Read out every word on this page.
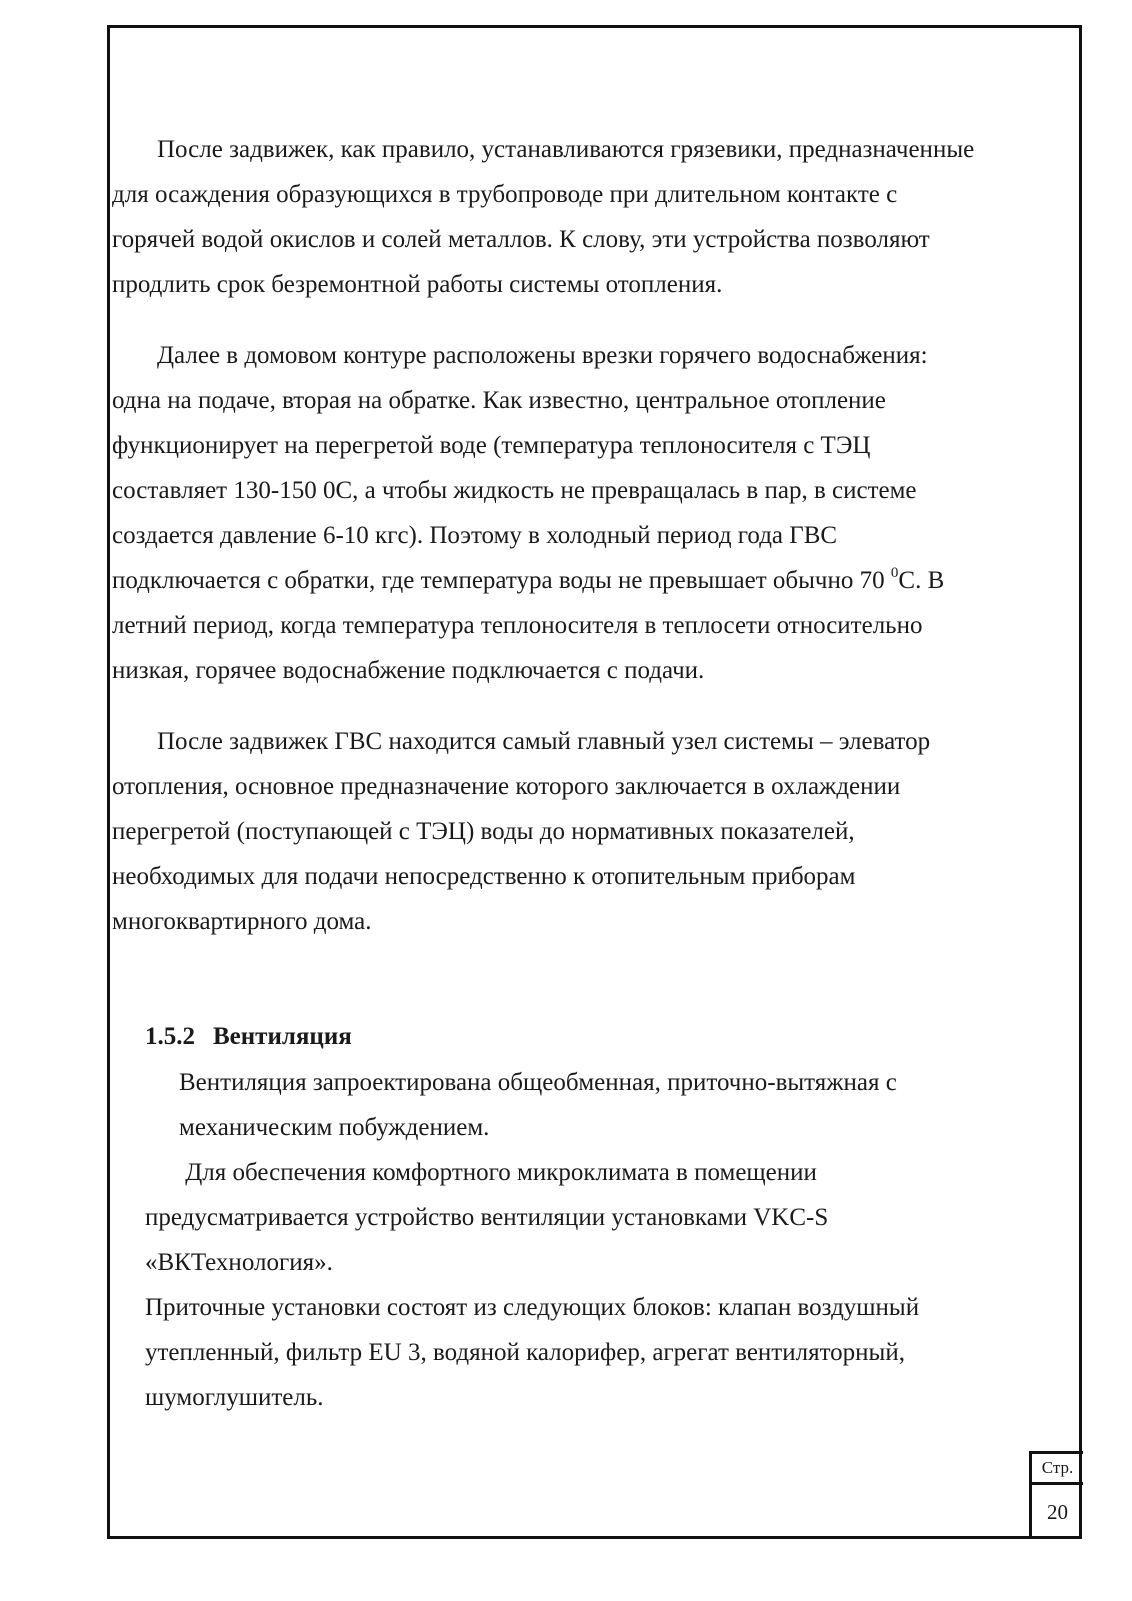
После задвижек, как правило, устанавливаются грязевики, предназначенные
для осаждения образующихся в трубопроводе при длительном контакте с
горячей водой окислов и солей металлов. К слову, эти устройства позволяют
продлить срок безремонтной работы системы отопления.
Далее в домовом контуре расположены врезки горячего водоснабжения:
одна на подаче, вторая на обратке. Как известно, центральное отопление
функционирует на перегретой воде (температура теплоносителя с ТЭЦ
составляет 130-150 0С, а чтобы жидкость не превращалась в пар, в системе
создается давление 6-10 кгс). Поэтому в холодный период года ГВС
подключается с обратки, где температура воды не превышает обычно 70 $^0$С. В
летний период, когда температура теплоносителя в теплосети относительно
низкая, горячее водоснабжение подключается с подачи.
После задвижек ГВС находится самый главный узел системы – элеватор
отопления, основное предназначение которого заключается в охлаждении
перегретой (поступающей с ТЭЦ) воды до нормативных показателей,
необходимых для подачи непосредственно к отопительным приборам
многоквартирного дома.
1.5.2 Вентиляция
Вентиляция запроектирована общеобменная, приточно-вытяжная с
механическим побуждением.
Для обеспечения комфортного микроклимата в помещении
предусматривается устройство вентиляции установками VKC-S
«ВКТехнология».
Приточные установки состоят из следующих блоков: клапан воздушный
утепленный, фильтр EU 3, водяной калорифер, агрегат вентиляторный,
шумоглушитель.
Стр.
20
